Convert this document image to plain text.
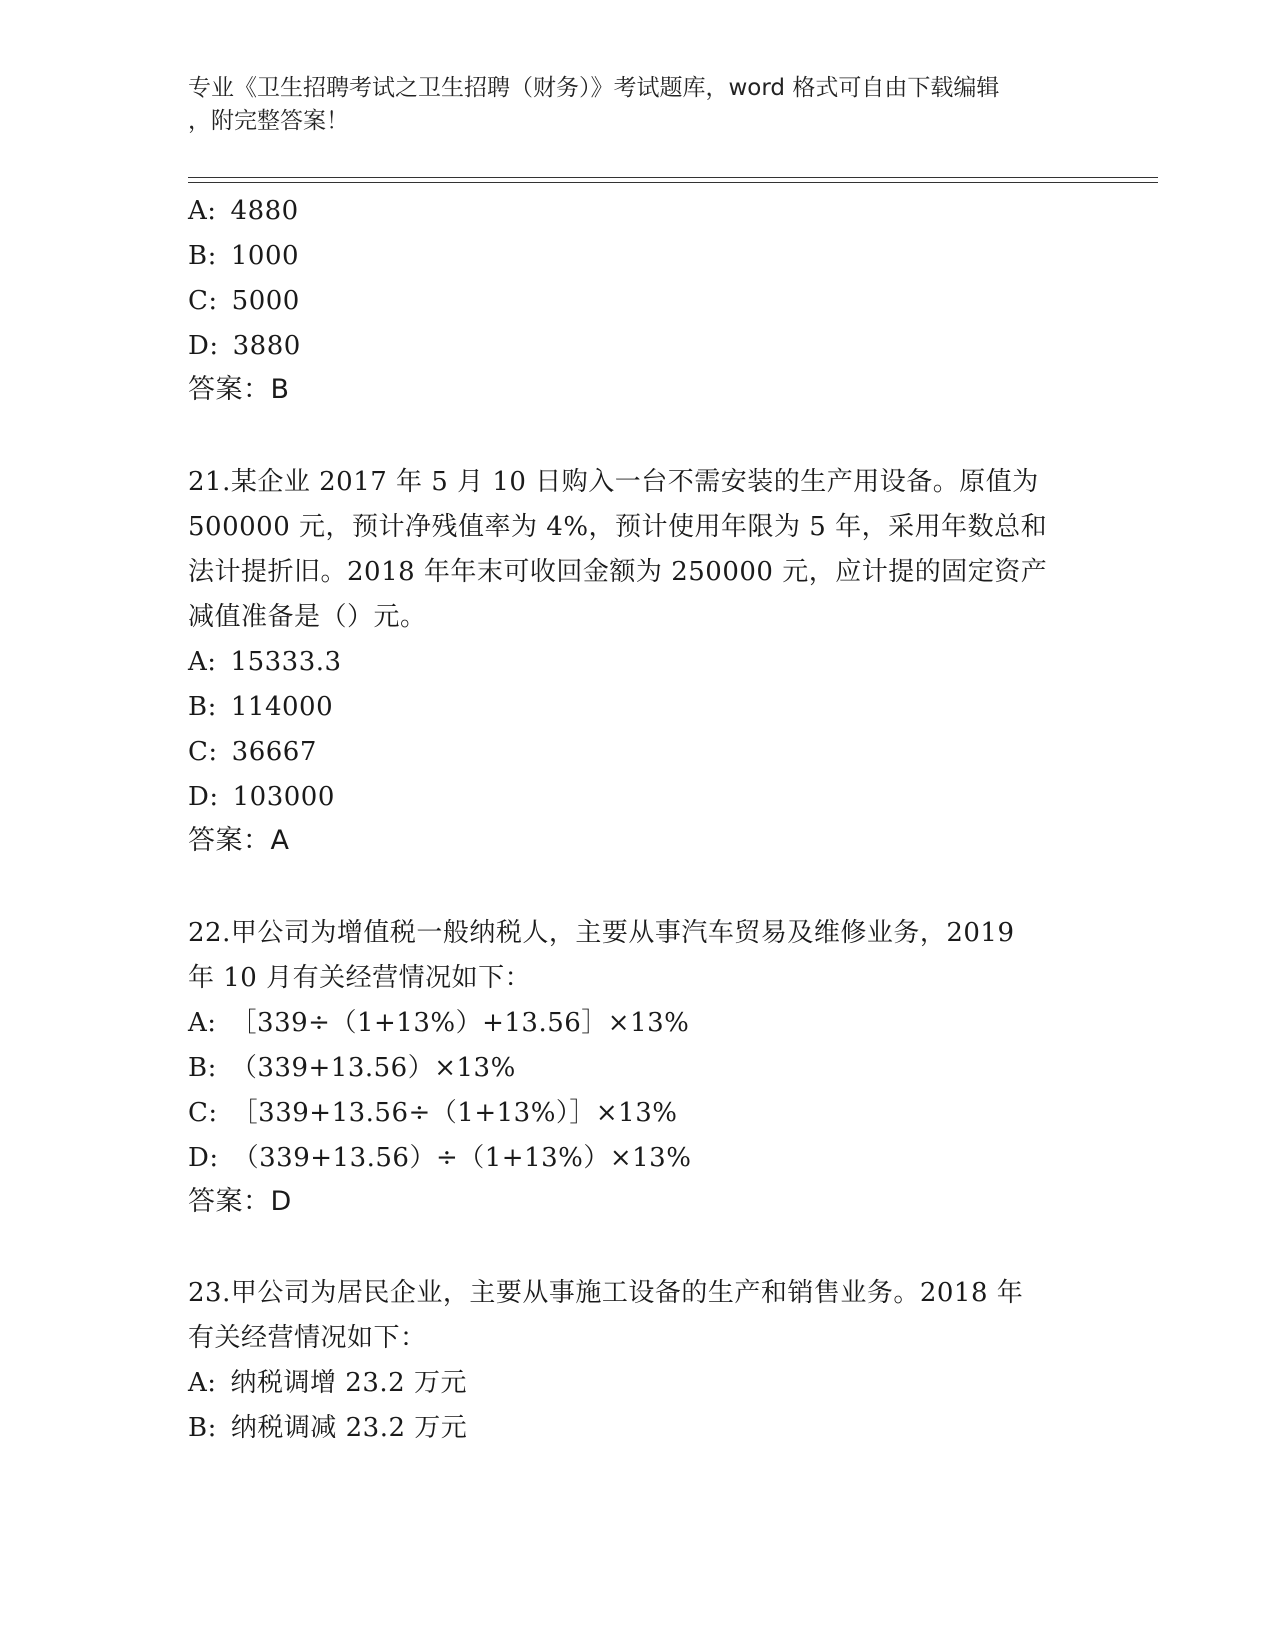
专业《卫生招聘考试之卫生招聘（财务）》考试题库，word 格式可自由下载编辑
，附完整答案！
A: 4880
B: 1000
C: 5000
D: 3880
答案：B
21.某企业 2017 年 5 月 10 日购入一台不需安装的生产用设备。原值为
500000 元，预计净残值率为 4%，预计使用年限为 5 年，采用年数总和
法计提折旧。2018 年年末可收回金额为 250000 元，应计提的固定资产
减值准备是（）元。
A: 15333.3
B: 114000
C: 36667
D: 103000
答案：A
22.甲公司为增值税一般纳税人，主要从事汽车贸易及维修业务，2019
年 10 月有关经营情况如下：
A: ［339÷（1+13%）+13.56］×13%
B: （339+13.56）×13%
C: ［339+13.56÷（1+13%）］×13%
D: （339+13.56）÷（1+13%）×13%
答案：D
23.甲公司为居民企业，主要从事施工设备的生产和销售业务。2018 年
有关经营情况如下：
A: 纳税调增 23.2 万元
B: 纳税调减 23.2 万元
